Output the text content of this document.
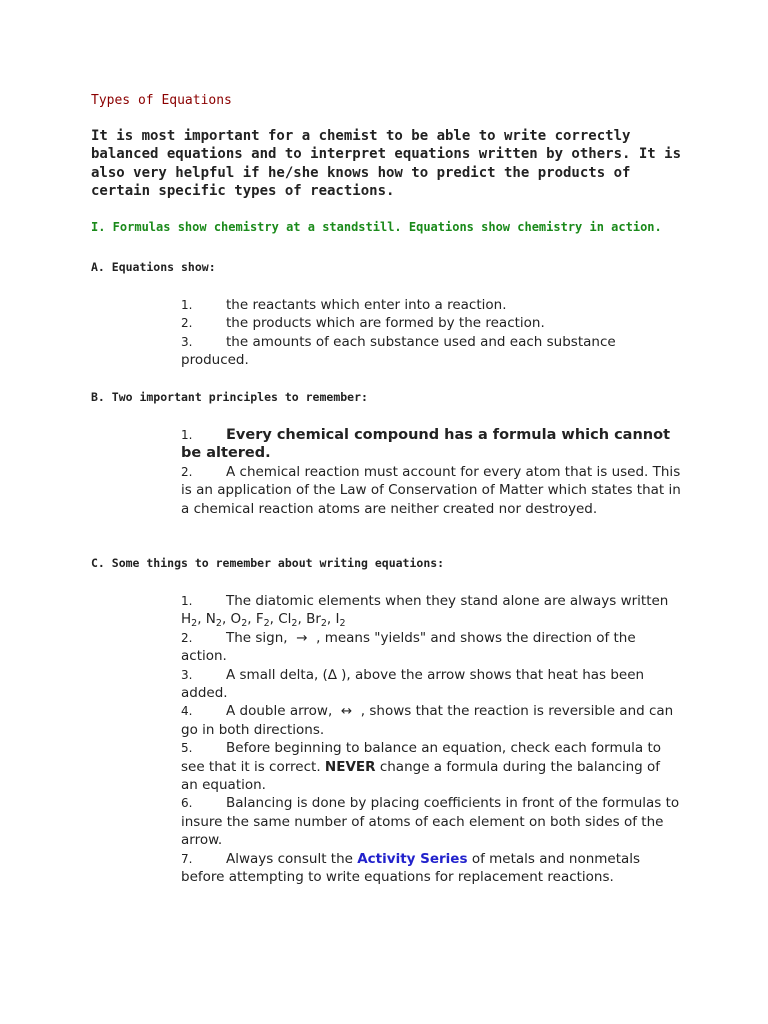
Types of Equations

It is most important for a chemist to be able to write correctly balanced equations and to interpret equations written by others. It is also very helpful if he/she knows how to predict the products of certain specific types of reactions.

I. Formulas show chemistry at a standstill. Equations show chemistry in action.
A. Equations show:
1. the reactants which enter into a reaction.
2. the products which are formed by the reaction.
3. the amounts of each substance used and each substance produced.
B. Two important principles to remember:
1. Every chemical compound has a formula which cannot be altered.
2. A chemical reaction must account for every atom that is used. This is an application of the Law of Conservation of Matter which states that in a chemical reaction atoms are neither created nor destroyed.
C. Some things to remember about writing equations:
1. The diatomic elements when they stand alone are always written $H_2$, $N_2$, $O_2$, $F_2$, $Cl_2$, $Br_2$, $I_2$
2. The sign, → , means "yields" and shows the direction of the action.
3. A small delta, (∆ ), above the arrow shows that heat has been added.
4. A double arrow, ↔ , shows that the reaction is reversible and can go in both directions.
5. Before beginning to balance an equation, check each formula to see that it is correct. NEVER change a formula during the balancing of an equation.
6. Balancing is done by placing coefficients in front of the formulas to insure the same number of atoms of each element on both sides of the arrow.
7. Always consult the Activity Series of metals and nonmetals before attempting to write equations for replacement reactions.
